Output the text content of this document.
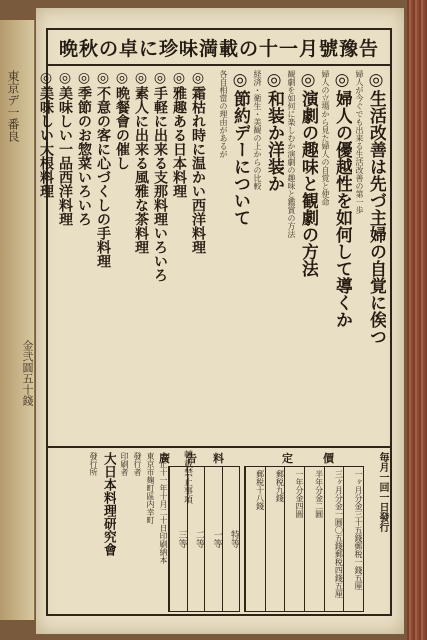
東京デ一番良
金弐圓五十錢
晩秋の卓に珍味満載の十一月號豫告
◎生活改善は先づ主婦の自覚に俟つ
婦人が今ぐでも出来る生活改善の第一歩
◎婦人の優越性を如何して導くか
婦人の立場から見た婦人の自覚と使命
◎演劇の趣味と観劇の方法
観劇を如何に楽しむか演劇の趣味と鑑賞の方法
◎和装か洋装か
経済・衛生・美観の上からの比較
◎節約デーについて
各自相當の理由があるが
◎霜枯れ時に温かい西洋料理
◎雅趣ある日本料理
◎手軽に出来る支那料理いろいろ
◎素人に出来る風雅な茶料理
◎晩餐會の催し
◎不意の客に心づくしの手料理
◎季節のお惣菜いろいろ
◎美味しい一品西洋料理
◎美味しい大根料理
毎月一回一日發行
定價
一ヶ月分金三十五錢郵税一錢五厘
三ヶ月分金一圓〇五錢郵税四錢五厘
半年分金二圓
一年分金四圓
郵税九錢
郵税十八錢
廣告料
特等
一等
二等
三等
轉載禁止事項
大正十一年十月二十日印刷納本
東京市麹町區内幸町
發行者
印刷者
大日本料理研究會
發行所
